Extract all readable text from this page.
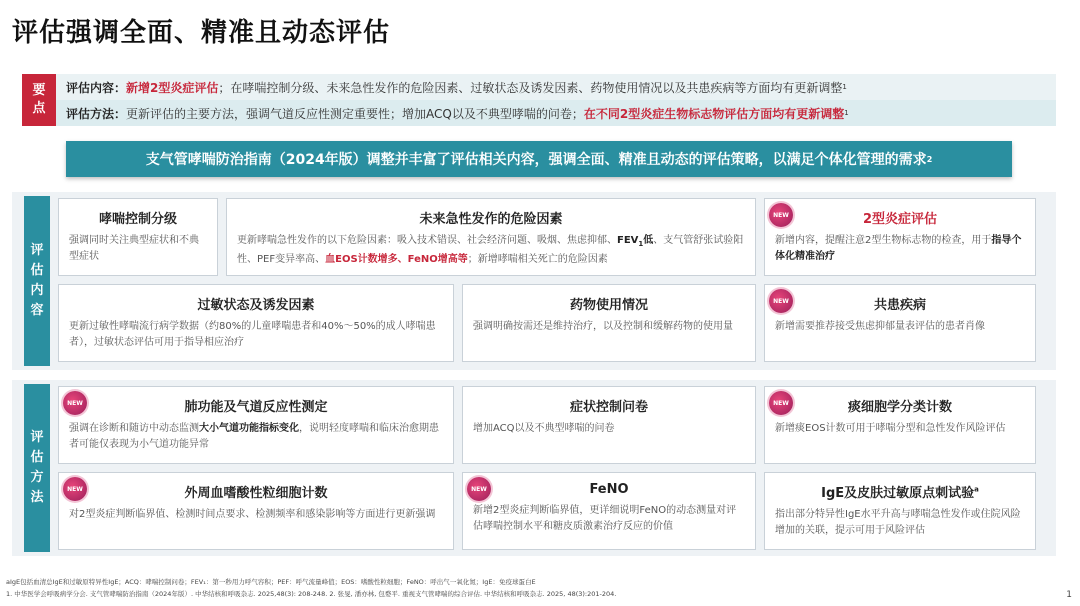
评估强调全面、精准且动态评估
要
点
评估内容： 新增2型炎症评估 ；在哮喘控制分级、未来急性发作的危险因素、过敏状态及诱发因素、药物使用情况以及共患疾病等方面均有更新调整 1
评估方法： 更新评估的主要方法，强调气道反应性测定重要性；增加ACQ以及不典型哮喘的问卷； 在不同2型炎症生物标志物评估方面均有更新调整 1
支气管哮喘防治指南（2024年版）调整并丰富了评估相关内容，强调全面、精准且动态的评估策略，以满足个体化管理的需求 2
评
估
内
容
哮喘控制分级
强调同时关注典型症状和不典型症状
未来急性发作的危险因素
更新哮喘急性发作的以下危险因素：吸入技术错误、社会经济问题、吸烟、焦虑抑郁、$FEV_1$低、支气管舒张试验阳性、PEF变异率高、血EOS计数增多、FeNO增高等；新增哮喘相关死亡的危险因素
NEW	2型炎症评估
新增内容，提醒注意2型生物标志物的检查，用于指导个体化精准治疗
过敏状态及诱发因素
更新过敏性哮喘流行病学数据（约80%的儿童哮喘患者和40%～50%的成人哮喘患者），过敏状态评估可用于指导相应治疗
药物使用情况
强调明确按需还是维持治疗，以及控制和缓解药物的使用量
NEW	共患疾病
新增需要推荐接受焦虑抑郁量表评估的患者肖像
评
估
方
法
NEW	肺功能及气道反应性测定
强调在诊断和随访中动态监测大小气道功能指标变化，说明轻度哮喘和临床治愈期患者可能仅表现为小气道功能异常
症状控制问卷
增加ACQ以及不典型哮喘的问卷
NEW	痰细胞学分类计数
新增痰EOS计数可用于哮喘分型和急性发作风险评估
NEW	外周血嗜酸性粒细胞计数
对2型炎症判断临界值、检测时间点要求、检测频率和感染影响等方面进行更新强调
NEW	FeNO
新增2型炎症判断临界值，更详细说明FeNO的动态测量对评估哮喘控制水平和糖皮质激素治疗反应的价值
IgE及皮肤过敏原点刺试验$^a$
指出部分特异性IgE水平升高与哮喘急性发作或住院风险增加的关联，提示可用于风险评估
aIgE包括血清总IgE和过敏原特异性IgE；ACQ：哮喘控制问卷；FEV₁：第一秒用力呼气容积；PEF：呼气流量峰值；EOS：嗜酸性粒细胞；FeNO：呼出气一氧化氮；IgE：免疫球蛋白E
1. 中华医学会呼吸病学分会. 支气管哮喘防治指南（2024年版）. 中华结核和呼吸杂志. 2025,48(3): 208-248. 2. 张旻, 潘亦林, 包婺平. 重视支气管哮喘的综合评估. 中华结核和呼吸杂志. 2025, 48(3):201-204.	1
